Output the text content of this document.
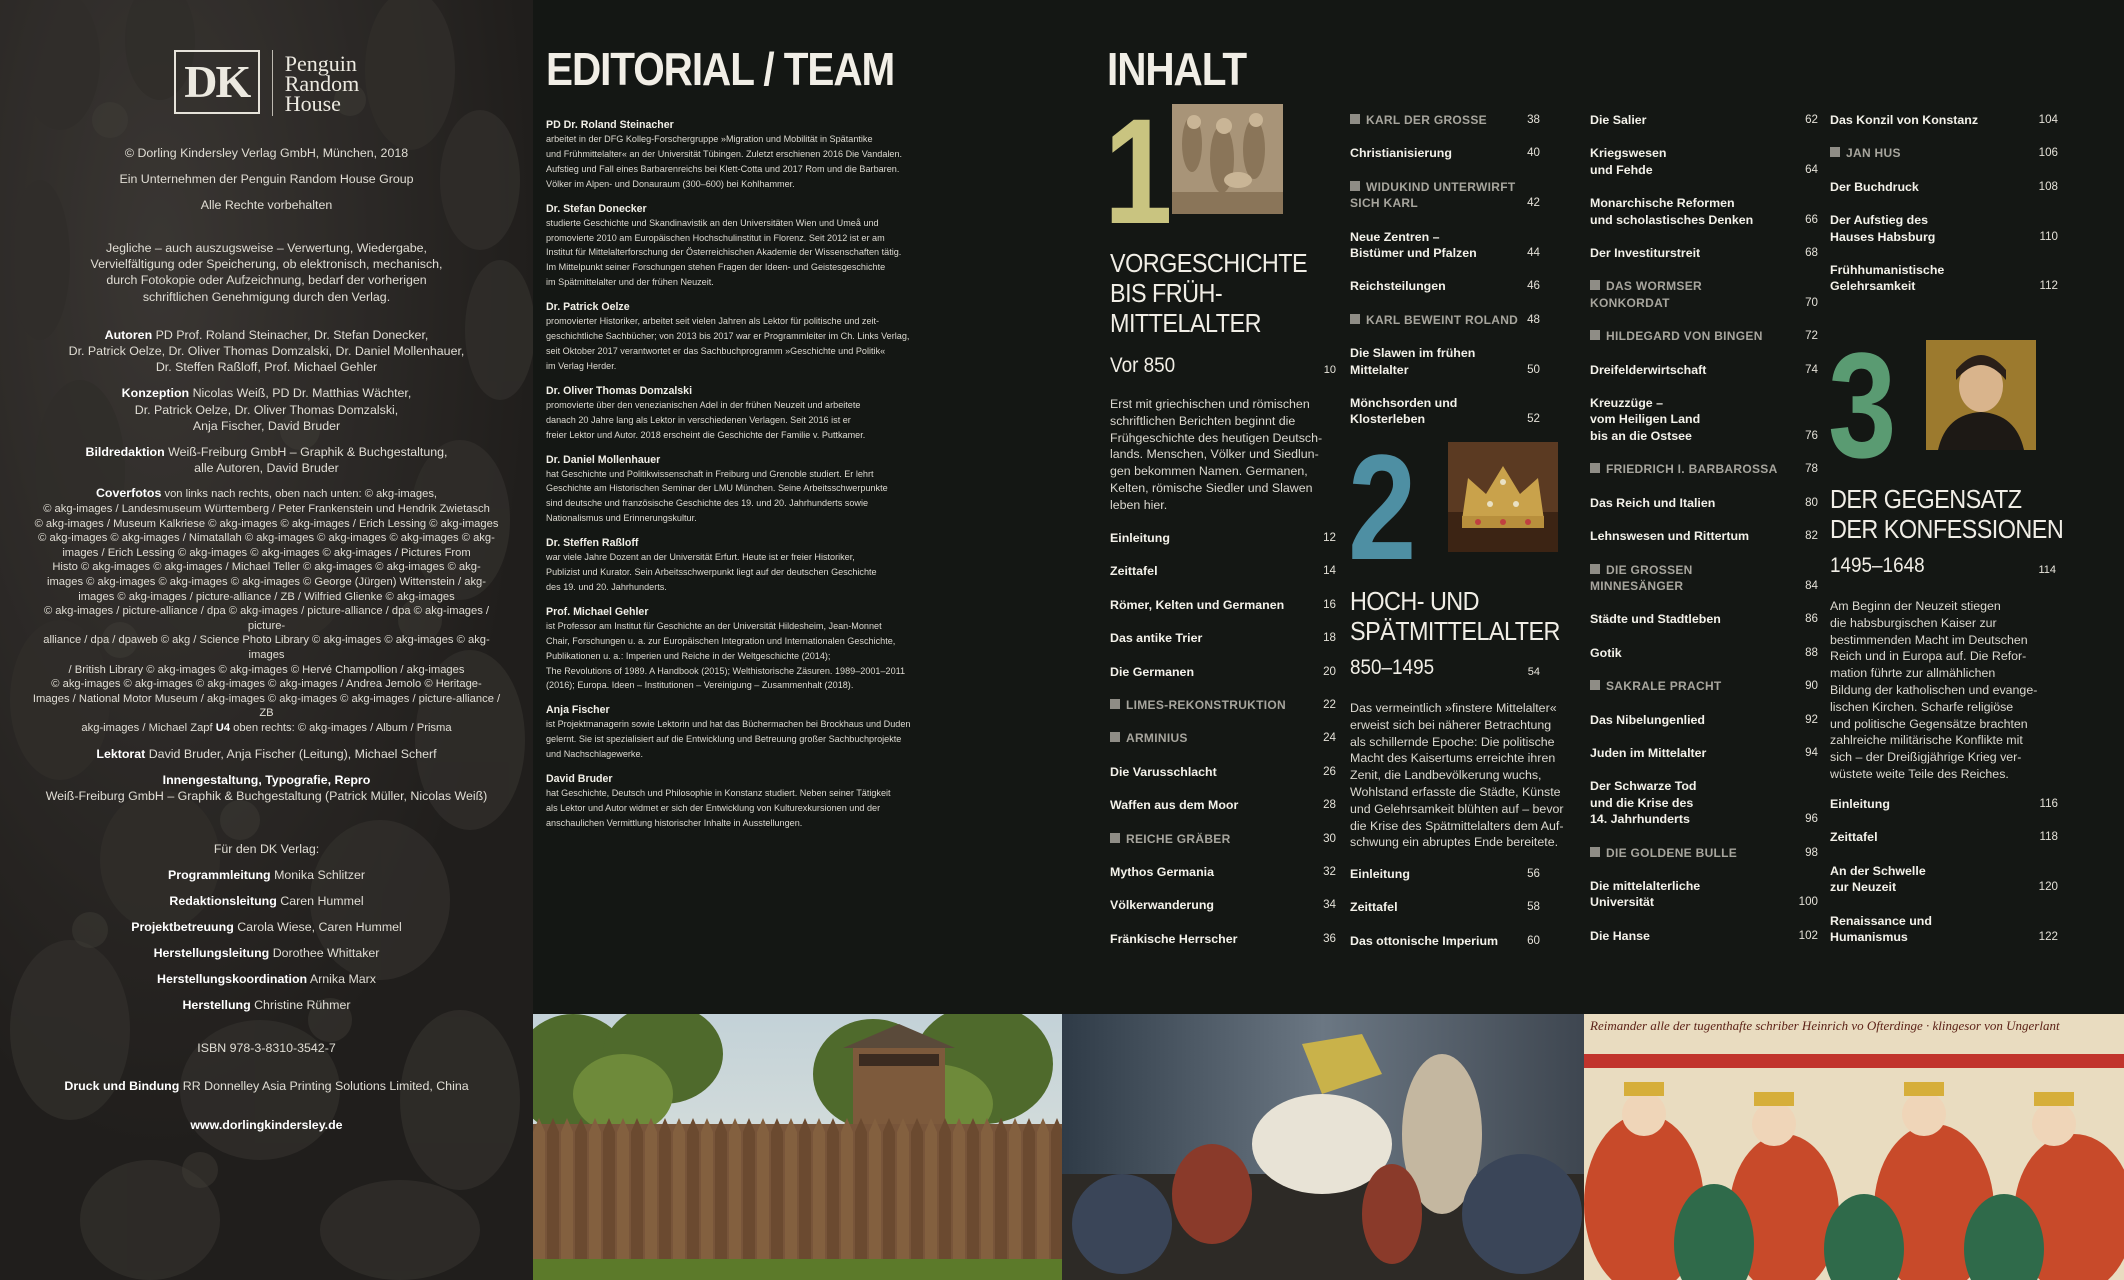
DK	Penguin
Random
House
© Dorling Kindersley Verlag GmbH, München, 2018
Ein Unternehmen der Penguin Random House Group
Alle Rechte vorbehalten
Jegliche – auch auszugsweise – Verwertung, Wiedergabe,
Vervielfältigung oder Speicherung, ob elektronisch, mechanisch,
durch Fotokopie oder Aufzeichnung, bedarf der vorherigen
schriftlichen Genehmigung durch den Verlag.
Autoren PD Prof. Roland Steinacher, Dr. Stefan Donecker,
Dr. Patrick Oelze, Dr. Oliver Thomas Domzalski, Dr. Daniel Mollenhauer,
Dr. Steffen Raßloff, Prof. Michael Gehler
Konzeption Nicolas Weiß, PD Dr. Matthias Wächter,
Dr. Patrick Oelze, Dr. Oliver Thomas Domzalski,
Anja Fischer, David Bruder
Bildredaktion Weiß-Freiburg GmbH – Graphik & Buchgestaltung,
alle Autoren, David Bruder
Coverfotos von links nach rechts, oben nach unten: © akg-images,
© akg-images / Landesmuseum Württemberg / Peter Frankenstein und Hendrik Zwietasch
© akg-images / Museum Kalkriese © akg-images © akg-images / Erich Lessing © akg-images
© akg-images © akg-images / Nimatallah © akg-images © akg-images © akg-images © akg-
images / Erich Lessing © akg-images © akg-images © akg-images / Pictures From
Histo © akg-images © akg-images / Michael Teller © akg-images © akg-images © akg-
images © akg-images © akg-images © akg-images © George (Jürgen) Wittenstein / akg-
images © akg-images / picture-alliance / ZB / Wilfried Glienke © akg-images
© akg-images / picture-alliance / dpa © akg-images / picture-alliance / dpa © akg-images / picture-
alliance / dpa / dpaweb © akg / Science Photo Library © akg-images © akg-images © akg-images
/ British Library © akg-images © akg-images © Hervé Champollion / akg-images
© akg-images © akg-images © akg-images © akg-images / Andrea Jemolo © Heritage-
Images / National Motor Museum / akg-images © akg-images © akg-images / picture-alliance / ZB
akg-images / Michael Zapf U4 oben rechts: © akg-images / Album / Prisma
Lektorat David Bruder, Anja Fischer (Leitung), Michael Scherf
Innengestaltung, Typografie, Repro
Weiß-Freiburg GmbH – Graphik & Buchgestaltung (Patrick Müller, Nicolas Weiß)
Für den DK Verlag:
Programmleitung Monika Schlitzer
Redaktionsleitung Caren Hummel
Projektbetreuung Carola Wiese, Caren Hummel
Herstellungsleitung Dorothee Whittaker
Herstellungskoordination Arnika Marx
Herstellung Christine Rühmer
ISBN 978-3-8310-3542-7
Druck und Bindung RR Donnelley Asia Printing Solutions Limited, China
www.dorlingkindersley.de
EDITORIAL / TEAM
PD Dr. Roland Steinacher
arbeitet in der DFG Kolleg-Forschergruppe »Migration und Mobilität in Spätantike
und Frühmittelalter« an der Universität Tübingen. Zuletzt erschienen 2016 Die Vandalen.
Aufstieg und Fall eines Barbarenreichs bei Klett-Cotta und 2017 Rom und die Barbaren.
Völker im Alpen- und Donauraum (300–600) bei Kohlhammer.
Dr. Stefan Donecker
studierte Geschichte und Skandinavistik an den Universitäten Wien und Umeå und
promovierte 2010 am Europäischen Hochschulinstitut in Florenz. Seit 2012 ist er am
Institut für Mittelalterforschung der Österreichischen Akademie der Wissenschaften tätig.
Im Mittelpunkt seiner Forschungen stehen Fragen der Ideen- und Geistesgeschichte
im Spätmittelalter und der frühen Neuzeit.
Dr. Patrick Oelze
promovierter Historiker, arbeitet seit vielen Jahren als Lektor für politische und zeit-
geschichtliche Sachbücher; von 2013 bis 2017 war er Programmleiter im Ch. Links Verlag,
seit Oktober 2017 verantwortet er das Sachbuchprogramm »Geschichte und Politik«
im Verlag Herder.
Dr. Oliver Thomas Domzalski
promovierte über den venezianischen Adel in der frühen Neuzeit und arbeitete
danach 20 Jahre lang als Lektor in verschiedenen Verlagen. Seit 2016 ist er
freier Lektor und Autor. 2018 erscheint die Geschichte der Familie v. Puttkamer.
Dr. Daniel Mollenhauer
hat Geschichte und Politikwissenschaft in Freiburg und Grenoble studiert. Er lehrt
Geschichte am Historischen Seminar der LMU München. Seine Arbeitsschwerpunkte
sind deutsche und französische Geschichte des 19. und 20. Jahrhunderts sowie
Nationalismus und Erinnerungskultur.
Dr. Steffen Raßloff
war viele Jahre Dozent an der Universität Erfurt. Heute ist er freier Historiker,
Publizist und Kurator. Sein Arbeitsschwerpunkt liegt auf der deutschen Geschichte
des 19. und 20. Jahrhunderts.
Prof. Michael Gehler
ist Professor am Institut für Geschichte an der Universität Hildesheim, Jean-Monnet
Chair, Forschungen u. a. zur Europäischen Integration und Internationalen Geschichte,
Publikationen u. a.: Imperien und Reiche in der Weltgeschichte (2014);
The Revolutions of 1989. A Handbook (2015); Welthistorische Zäsuren. 1989–2001–2011
(2016); Europa. Ideen – Institutionen – Vereinigung – Zusammenhalt (2018).
Anja Fischer
ist Projektmanagerin sowie Lektorin und hat das Büchermachen bei Brockhaus und Duden
gelernt. Sie ist spezialisiert auf die Entwicklung und Betreuung großer Sachbuchprojekte
und Nachschlagewerke.
David Bruder
hat Geschichte, Deutsch und Philosophie in Konstanz studiert. Neben seiner Tätigkeit
als Lektor und Autor widmet er sich der Entwicklung von Kulturexkursionen und der
anschaulichen Vermittlung historischer Inhalte in Ausstellungen.
INHALT
1
VORGESCHICHTE
BIS FRÜH-
MITTELALTER
Vor 850	10
Erst mit griechischen und römischen
schriftlichen Berichten beginnt die
Frühgeschichte des heutigen Deutsch-
lands. Menschen, Völker und Siedlun-
gen bekommen Namen. Germanen,
Kelten, römische Siedler und Slawen
leben hier.
Einleitung	12
Zeittafel	14
Römer, Kelten und Germanen	16
Das antike Trier	18
Die Germanen	20
LIMES-REKONSTRUKTION	22
ARMINIUS	24
Die Varusschlacht	26
Waffen aus dem Moor	28
REICHE GRÄBER	30
Mythos Germania	32
Völkerwanderung	34
Fränkische Herrscher	36
KARL DER GROSSE	38
Christianisierung	40
WIDUKIND UNTERWIRFT
SICH KARL	42
Neue Zentren –
Bistümer und Pfalzen	44
Reichsteilungen	46
KARL BEWEINT ROLAND 48
Die Slawen im frühen Mittelalter	50
Mönchsorden und Klosterleben	52
2
HOCH- UND
SPÄTMITTELALTER
850–1495	54
Das vermeintlich »finstere Mittelalter«
erweist sich bei näherer Betrachtung
als schillernde Epoche: Die politische
Macht des Kaisertums erreichte ihren
Zenit, die Landbevölkerung wuchs,
Wohlstand erfasste die Städte, Künste
und Gelehrsamkeit blühten auf – bevor
die Krise des Spätmittelalters dem Auf-
schwung ein abruptes Ende bereitete.
Einleitung	56
Zeittafel	58
Das ottonische Imperium	60
Die Salier	62
Kriegswesen
und Fehde	64
Monarchische Reformen
und scholastisches Denken	66
Der Investiturstreit	68
DAS WORMSER
KONKORDAT	70
HILDEGARD VON BINGEN	72
Dreifelderwirtschaft	74
Kreuzzüge –
vom Heiligen Land
bis an die Ostsee	76
FRIEDRICH I. BARBAROSSA 78
Das Reich und Italien	80
Lehnswesen und Rittertum	82
DIE GROSSEN
MINNESÄNGER	84
Städte und Stadtleben	86
Gotik	88
SAKRALE PRACHT	90
Das Nibelungenlied	92
Juden im Mittelalter	94
Der Schwarze Tod
und die Krise des
14. Jahrhunderts	96
DIE GOLDENE BULLE	98
Die mittelalterliche
Universität	100
Die Hanse	102
Das Konzil von Konstanz	104
JAN HUS	106
Der Buchdruck	108
Der Aufstieg des
Hauses Habsburg	110
Frühhumanistische
Gelehrsamkeit	112
3
DER GEGENSATZ
DER KONFESSIONEN
1495–1648	114
Am Beginn der Neuzeit stiegen
die habsburgischen Kaiser zur
bestimmenden Macht im Deutschen
Reich und in Europa auf. Die Refor-
mation führte zur allmählichen
Bildung der katholischen und evange-
lischen Kirchen. Scharfe religiöse
und politische Gegensätze brachten
zahlreiche militärische Konflikte mit
sich – der Dreißigjährige Krieg ver-
wüstete weite Teile des Reiches.
Einleitung	116
Zeittafel	118
An der Schwelle
zur Neuzeit	120
Renaissance und
Humanismus	122
Reimander alle der tugenthafte schriber Heinrich vo Ofterdinge · klingesor von Ungerlant
